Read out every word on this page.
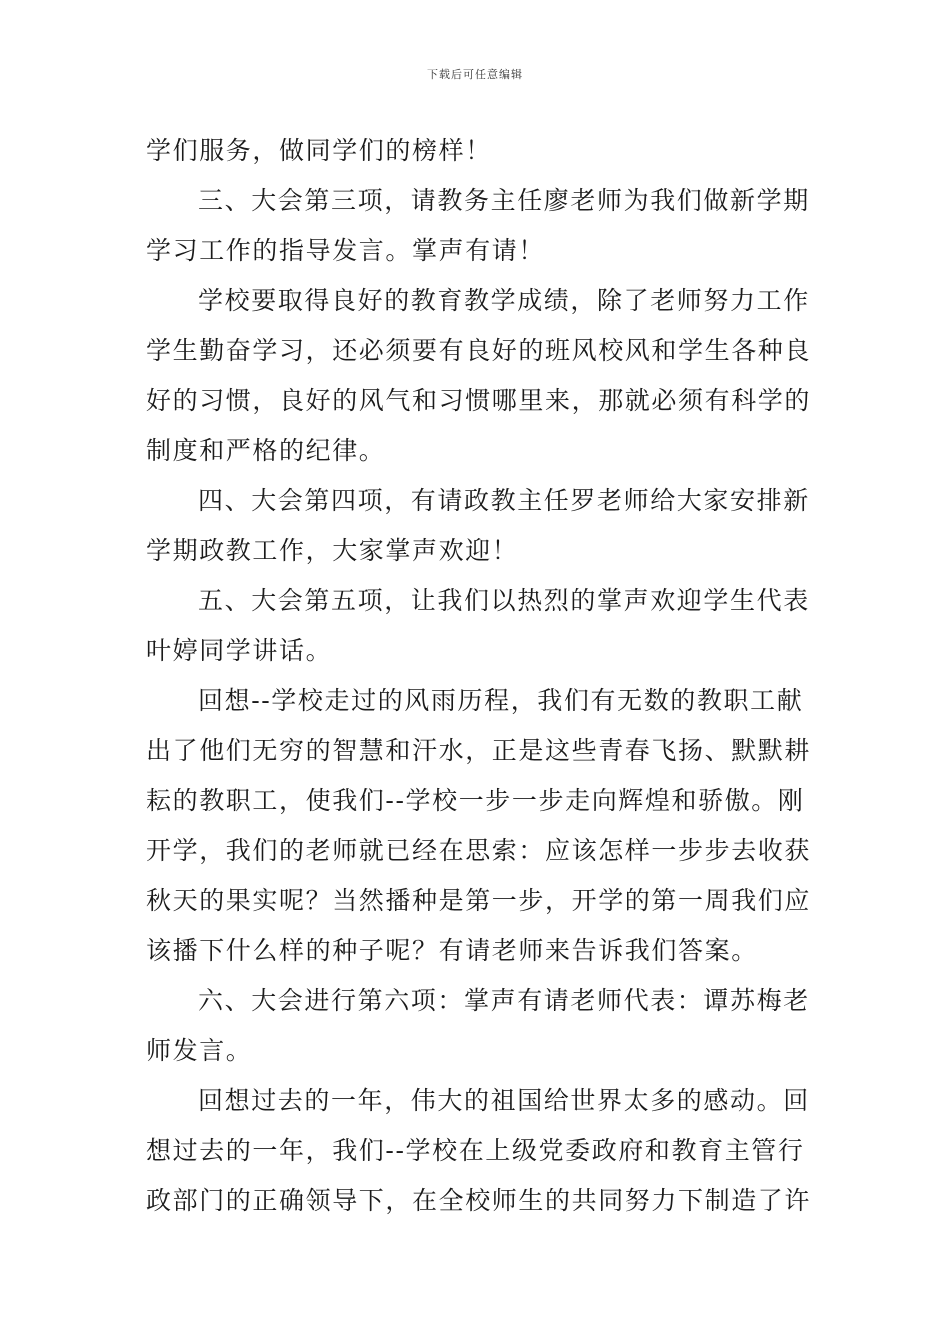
下载后可任意编辑
学们服务，做同学们的榜样！
三、大会第三项，请教务主任廖老师为我们做新学期
学习工作的指导发言。掌声有请！
学校要取得良好的教育教学成绩，除了老师努力工作
学生勤奋学习，还必须要有良好的班风校风和学生各种良
好的习惯，良好的风气和习惯哪里来，那就必须有科学的
制度和严格的纪律。
四、大会第四项，有请政教主任罗老师给大家安排新
学期政教工作，大家掌声欢迎！
五、大会第五项，让我们以热烈的掌声欢迎学生代表
叶婷同学讲话。
回想--学校走过的风雨历程，我们有无数的教职工献
出了他们无穷的智慧和汗水，正是这些青春飞扬、默默耕
耘的教职工，使我们--学校一步一步走向辉煌和骄傲。刚
开学，我们的老师就已经在思索：应该怎样一步步去收获
秋天的果实呢？当然播种是第一步，开学的第一周我们应
该播下什么样的种子呢？有请老师来告诉我们答案。
六、大会进行第六项：掌声有请老师代表：谭苏梅老
师发言。
回想过去的一年，伟大的祖国给世界太多的感动。回
想过去的一年，我们--学校在上级党委政府和教育主管行
政部门的正确领导下，在全校师生的共同努力下制造了许
